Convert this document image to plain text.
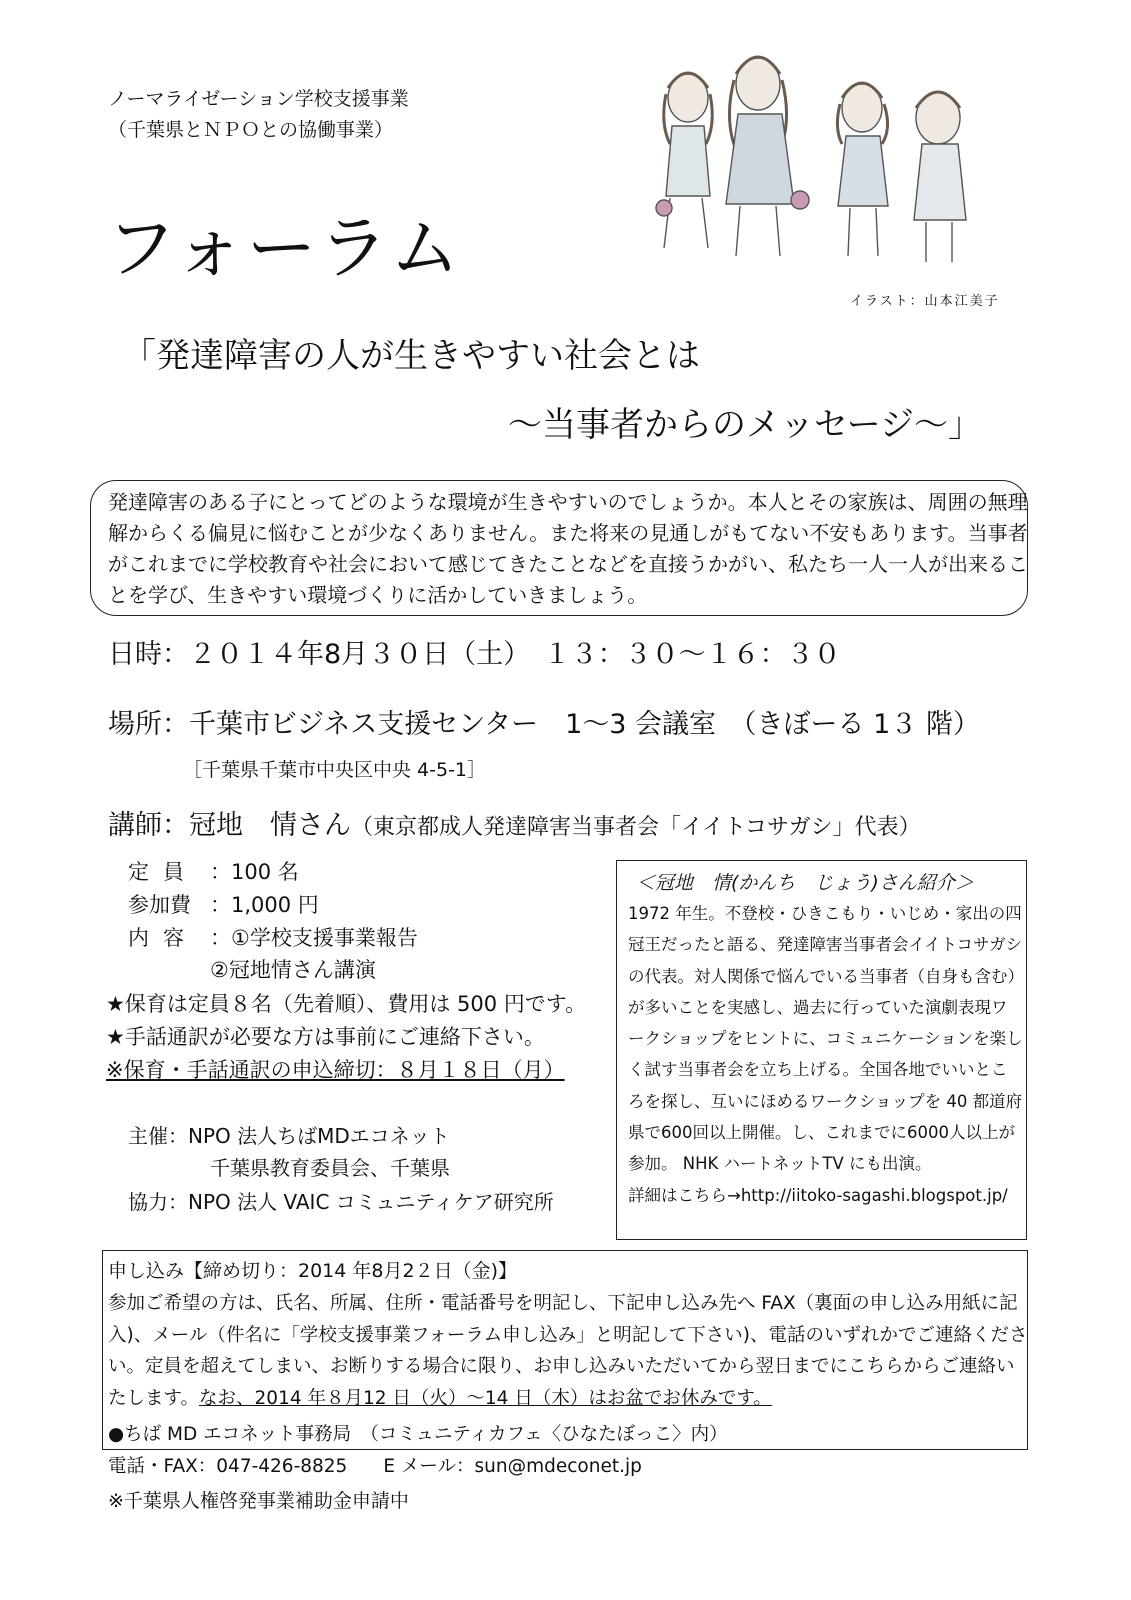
ノーマライゼーション学校支援事業
（千葉県とＮＰＯとの協働事業）
フォーラム
イラスト：山本江美子
「発達障害の人が生きやすい社会とは
～当事者からのメッセージ～」
発達障害のある子にとってどのような環境が生きやすいのでしょうか。本人とその家族は、周囲の無理解からくる偏見に悩むことが少なくありません。また将来の見通しがもてない不安もあります。当事者がこれまでに学校教育や社会において感じてきたことなどを直接うかがい、私たち一人一人が出来ることを学び、生きやすい環境づくりに活かしていきましょう。
日時：２０１４年8月３０日（土）　１３：３０～１６：３０
場所：千葉市ビジネス支援センター　1～3 会議室　（きぼーる 1３ 階）
［千葉県千葉市中央区中央 4-5-1］
講師：冠地　情さん（東京都成人発達障害当事者会「イイトコサガシ」代表）
定員 ：100 名
参加費 ：1,000 円
内容 ：①学校支援事業報告
②冠地情さん講演
★保育は定員８名（先着順）、費用は 500 円です。
★手話通訳が必要な方は事前にご連絡下さい。
※保育・手話通訳の申込締切：８月１８日（月）
主催：NPO 法人ちばMDエコネット
千葉県教育委員会、千葉県
協力：NPO 法人 VAIC コミュニティケア研究所
＜冠地　情(かんち　じょう)さん紹介＞
1972 年生。不登校・ひきこもり・いじめ・家出の四冠王だったと語る、発達障害当事者会イイトコサガシの代表。対人関係で悩んでいる当事者（自身も含む）が多いことを実感し、過去に行っていた演劇表現ワークショップをヒントに、コミュニケーションを楽しく試す当事者会を立ち上げる。全国各地でいいところを探し、互いにほめるワークショップを 40 都道府県で600回以上開催。し、これまでに6000人以上が参加。 NHK ハートネットTV にも出演。
詳細はこちら→http://iitoko-sagashi.blogspot.jp/
申し込み【締め切り：2014 年8月2２日（金)】
参加ご希望の方は、氏名、所属、住所・電話番号を明記し、下記申し込み先へ FAX（裏面の申し込み用紙に記入)、メール（件名に「学校支援事業フォーラム申し込み」と明記して下さい)、電話のいずれかでご連絡ください。定員を超えてしまい、お断りする場合に限り、お申し込みいただいてから翌日までにこちらからご連絡いたします。なお、2014 年８月12 日（火）～14 日（木）はお盆でお休みです。
●ちば MD エコネット事務局　（コミュニティカフェ〈ひなたぼっこ〉内）
電話・FAX：047-426-8825 E メール：sun@mdeconet.jp
※千葉県人権啓発事業補助金申請中
